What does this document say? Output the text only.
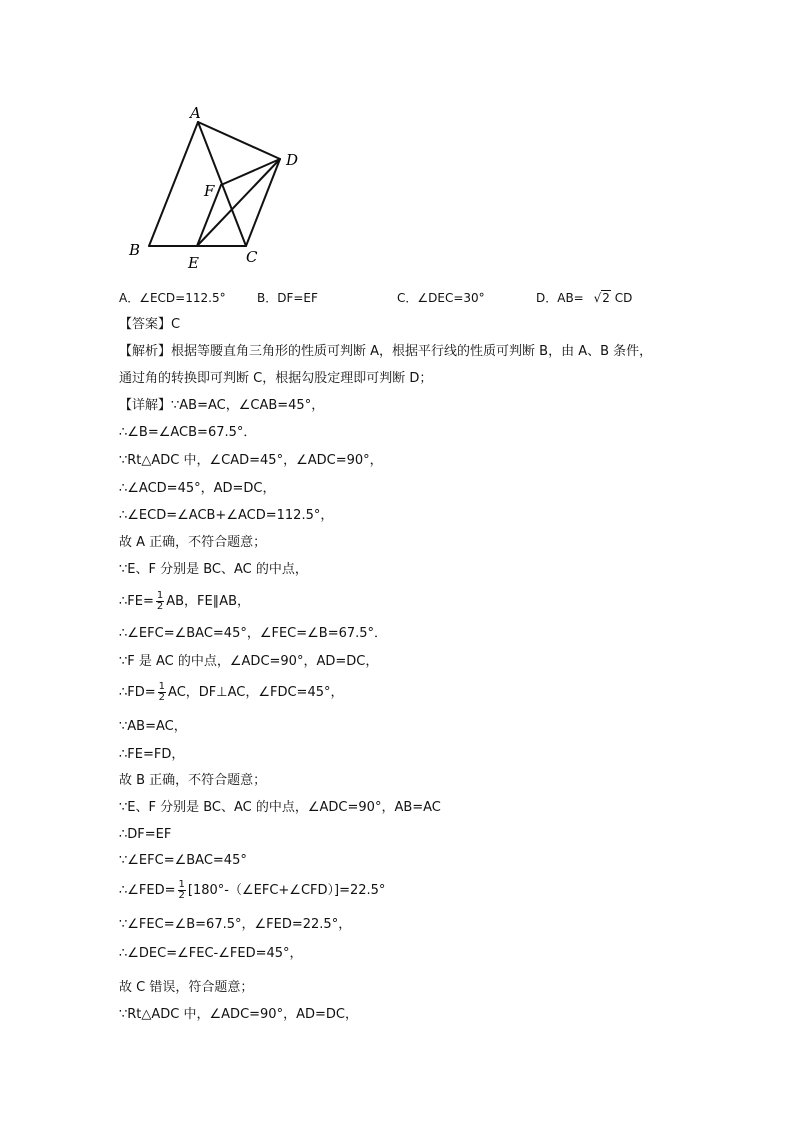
A
D
F
B
E	C
A．∠ECD=112.5°	B．DF=EF	C．∠DEC=30°	D．AB= √2 CD
【答案】C
【解析】根据等腰直角三角形的性质可判断 A，根据平行线的性质可判断 B，由 A、B 条件，
通过角的转换即可判断 C，根据勾股定理即可判断 D；
【详解】∵AB=AC，∠CAB=45°，
∴∠B=∠ACB=67.5°．
∵Rt△ADC 中，∠CAD=45°，∠ADC=90°，
∴∠ACD=45°，AD=DC，
∴∠ECD=∠ACB+∠ACD=112.5°，
故 A 正确，不符合题意；
∵E、F 分别是 BC、AC 的中点，
∴FE= $\frac{1}{2}$ AB，FE∥AB，
∴∠EFC=∠BAC=45°，∠FEC=∠B=67.5°．
∵F 是 AC 的中点，∠ADC=90°，AD=DC，
∴FD= $\frac{1}{2}$ AC，DF⊥AC，∠FDC=45°，
∵AB=AC，
∴FE=FD，
故 B 正确，不符合题意；
∵E、F 分别是 BC、AC 的中点，∠ADC=90°，AB=AC
∴DF=EF
∵∠EFC=∠BAC=45°
∴∠FED= $\frac{1}{2}$ [180°-（∠EFC+∠CFD）]=22.5°
∵∠FEC=∠B=67.5°，∠FED=22.5°，
∴∠DEC=∠FEC-∠FED=45°，
故 C 错误，符合题意；
∵Rt△ADC 中，∠ADC=90°，AD=DC，
